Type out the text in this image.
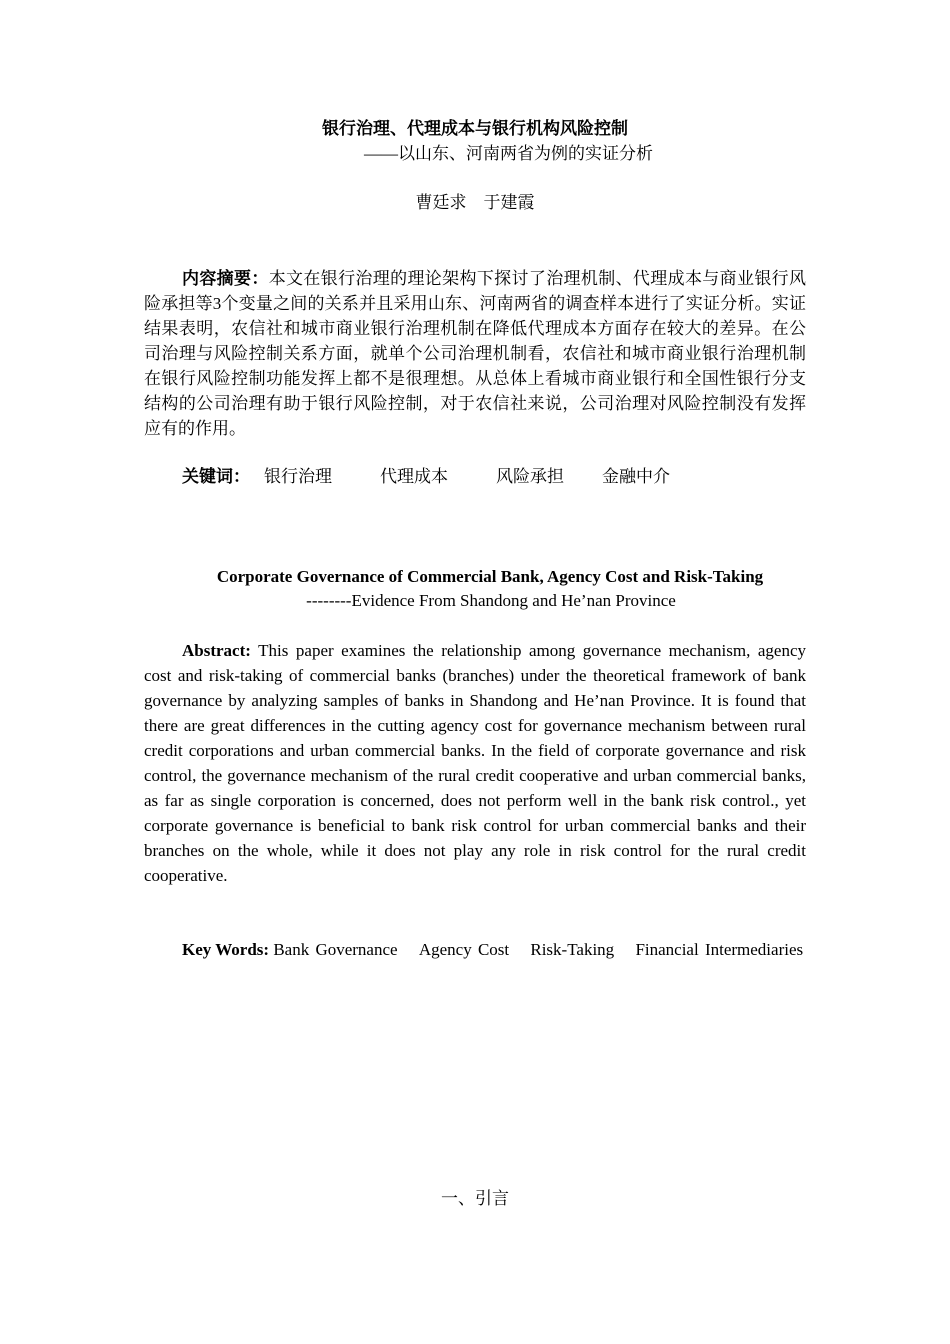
银行治理、代理成本与银行机构风险控制
——以山东、河南两省为例的实证分析
曹廷求 于建霞

内容摘要：本文在银行治理的理论架构下探讨了治理机制、代理成本与商业银行风险承担等3个变量之间的关系并且采用山东、河南两省的调查样本进行了实证分析。实证结果表明，农信社和城市商业银行治理机制在降低代理成本方面存在较大的差异。在公司治理与风险控制关系方面，就单个公司治理机制看，农信社和城市商业银行治理机制在银行风险控制功能发挥上都不是很理想。从总体上看城市商业银行和全国性银行分支结构的公司治理有助于银行风险控制，对于农信社来说，公司治理对风险控制没有发挥应有的作用。

关键词： 银行治理	代理成本	风险承担 金融中介
Corporate Governance of Commercial Bank, Agency Cost and Risk-Taking
--------Evidence From Shandong and He’nan Province

Abstract: This paper examines the relationship among governance mechanism, agency cost and risk-taking of commercial banks (branches) under the theoretical framework of bank governance by analyzing samples of banks in Shandong and He’nan Province. It is found that there are great differences in the cutting agency cost for governance mechanism between rural credit corporations and urban commercial banks. In the field of corporate governance and risk control, the governance mechanism of the rural credit cooperative and urban commercial banks, as far as single corporation is concerned, does not perform well in the bank risk control., yet corporate governance is beneficial to bank risk control for urban commercial banks and their branches on the whole, while it does not play any role in risk control for the rural credit cooperative.

Key Words: Bank Governance Agency Cost Risk-Taking Financial Intermediaries

一、引言
